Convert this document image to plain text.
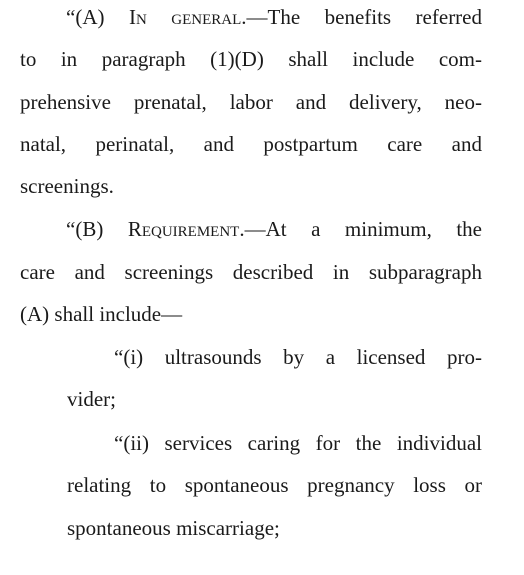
“(A) In general.—The benefits referred
to in paragraph (1)(D) shall include com-
prehensive prenatal, labor and delivery, neo-
natal, perinatal, and postpartum care and
screenings.
“(B) Requirement.—At a minimum, the
care and screenings described in subparagraph
(A) shall include—
“(i) ultrasounds by a licensed pro-
vider;
“(ii) services caring for the individual
relating to spontaneous pregnancy loss or
spontaneous miscarriage;
